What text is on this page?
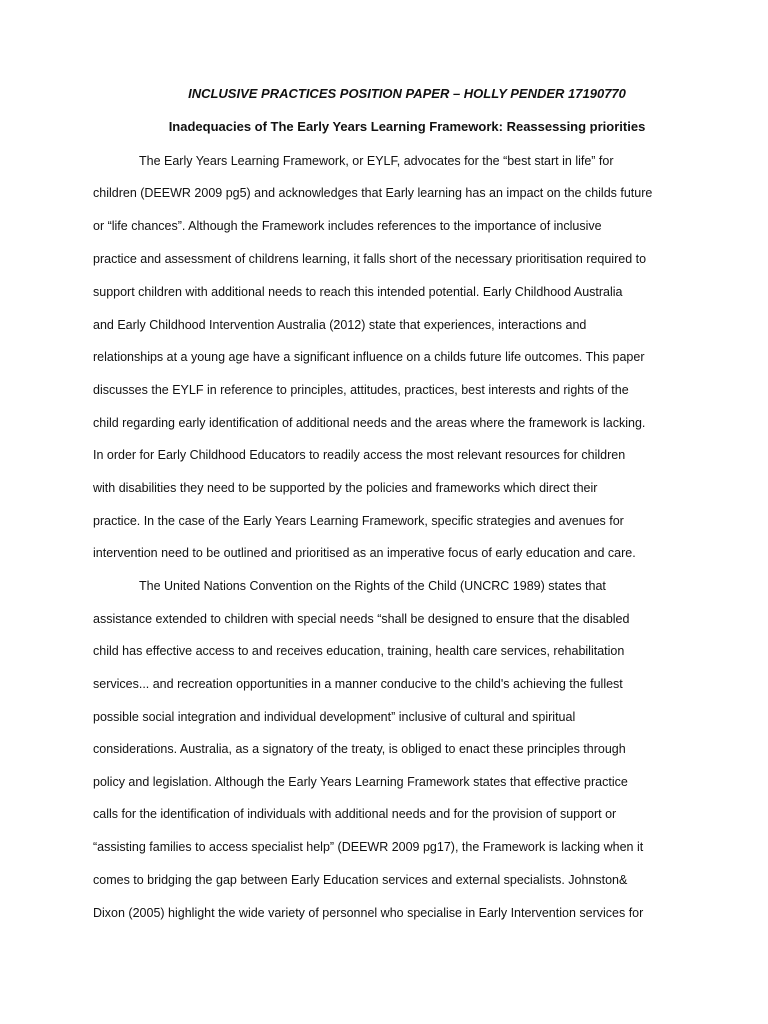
INCLUSIVE PRACTICES POSITION PAPER – HOLLY PENDER 17190770
Inadequacies of The Early Years Learning Framework: Reassessing priorities
The Early Years Learning Framework, or EYLF, advocates for the “best start in life” for
children (DEEWR 2009 pg5) and acknowledges that Early learning has an impact on the childs future
or “life chances”. Although the Framework includes references to the importance of inclusive
practice and assessment of childrens learning, it falls short of the necessary prioritisation required to
support children with additional needs to reach this intended potential. Early Childhood Australia
and Early Childhood Intervention Australia (2012) state that experiences, interactions and
relationships at a young age have a significant influence on a childs future life outcomes. This paper
discusses the EYLF in reference to principles, attitudes, practices, best interests and rights of the
child regarding early identification of additional needs and the areas where the framework is lacking.
In order for Early Childhood Educators to readily access the most relevant resources for children
with disabilities they need to be supported by the policies and frameworks which direct their
practice. In the case of the Early Years Learning Framework, specific strategies and avenues for
intervention need to be outlined and prioritised as an imperative focus of early education and care.
The United Nations Convention on the Rights of the Child (UNCRC 1989) states that
assistance extended to children with special needs “shall be designed to ensure that the disabled
child has effective access to and receives education, training, health care services, rehabilitation
services... and recreation opportunities in a manner conducive to the child's achieving the fullest
possible social integration and individual development” inclusive of cultural and spiritual
considerations. Australia, as a signatory of the treaty, is obliged to enact these principles through
policy and legislation. Although the Early Years Learning Framework states that effective practice
calls for the identification of individuals with additional needs and for the provision of support or
“assisting families to access specialist help” (DEEWR 2009 pg17), the Framework is lacking when it
comes to bridging the gap between Early Education services and external specialists. Johnston&
Dixon (2005) highlight the wide variety of personnel who specialise in Early Intervention services for
